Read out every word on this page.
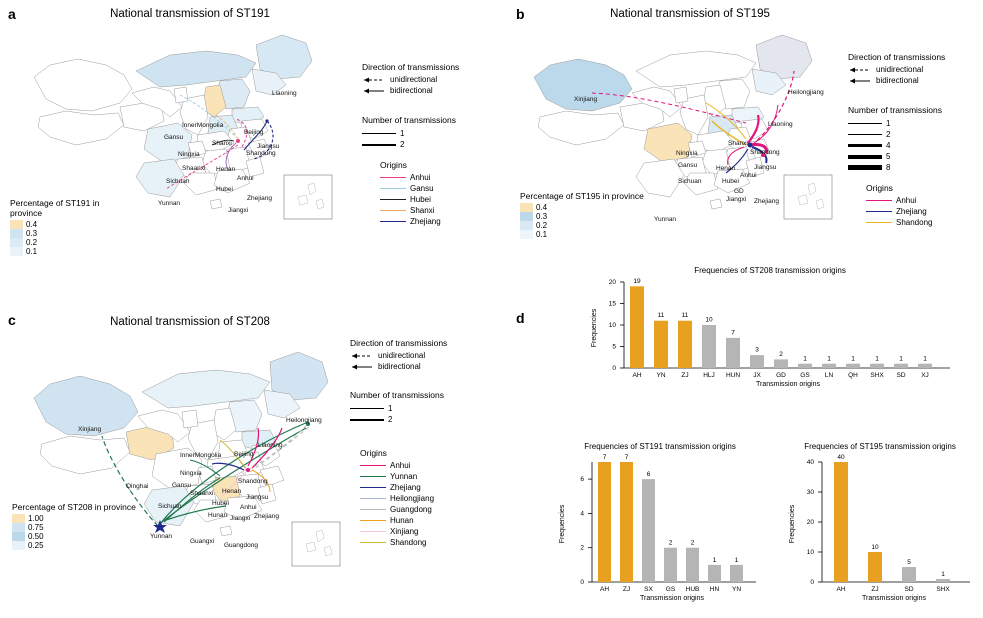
a	National transmission of ST191
InnerMongolia
Beijing
Liaoning
Ningxia
Gansu
Shanxi
Shandong
Shaanxi Henan
Jiangsu
Hubei
Anhui
Sichuan
Zhejiang
Jiangxi
Yunnan
Percentage of ST191 in province
0.4
0.3
0.2
0.1
Direction of transmissions
unidirectional
bidirectional
Number of transmissions
1
2
Origins
Anhui
Gansu
Hubei
Shanxi
Zhejiang
b	National transmission of ST195
Heilongjiang
Xinjiang
Liaoning
Shanxi
Shandong
Ningxia
Gansu	Henan	Jiangsu
Sichuan	Hubei
Anhui
Zhejiang
Jiangxi
GD
Yunnan
Percentage of ST195 in province
0.4
0.3
0.2
0.1
Direction of transmissions
unidirectional
bidirectional
Number of transmissions
1
2
4
5
8
Origins
Anhui
Zhejiang
Shandong
c	National transmission of ST208
Xinjiang
InnerMongolia Beijing
Liaoning
Heilongjiang
Qinghai
Ningxia
Gansu
Shandong
Shaanxi Henan
Jiangsu
Sichuan	Hubei
Anhui
Zhejiang
Hunan Jiangxi
Yunnan
Guangxi
Guangdong
Percentage of ST208 in province
1.00
0.75
0.50
0.25
Direction of transmissions
unidirectional
bidirectional
Number of transmissions
1
2
Origins
Anhui
Yunnan
Zhejiang
Heilongjiang
Guangdong
Hunan
Xinjiang
Shandong
d
Frequencies of ST208 transmission origins
0
5
10
15
20
Frequencies
19
11	11
10
7
3
2
1	1	1	1	1	1
AH YN ZJ HLJ HUN JX GD GS LN QH SHX SD XJ
Transmission origins
Frequencies of ST191 transmission origins
0
2
4
6
Frequencies
7	7
6
2	2
1	1
AH ZJ SX GS HUB HN YN
Transmission origins
Frequencies of ST195 transmission origins
0
10
20
30
40
Frequencies
40
10
5
1
AH	ZJ	SD	SHX
Transmission origins
